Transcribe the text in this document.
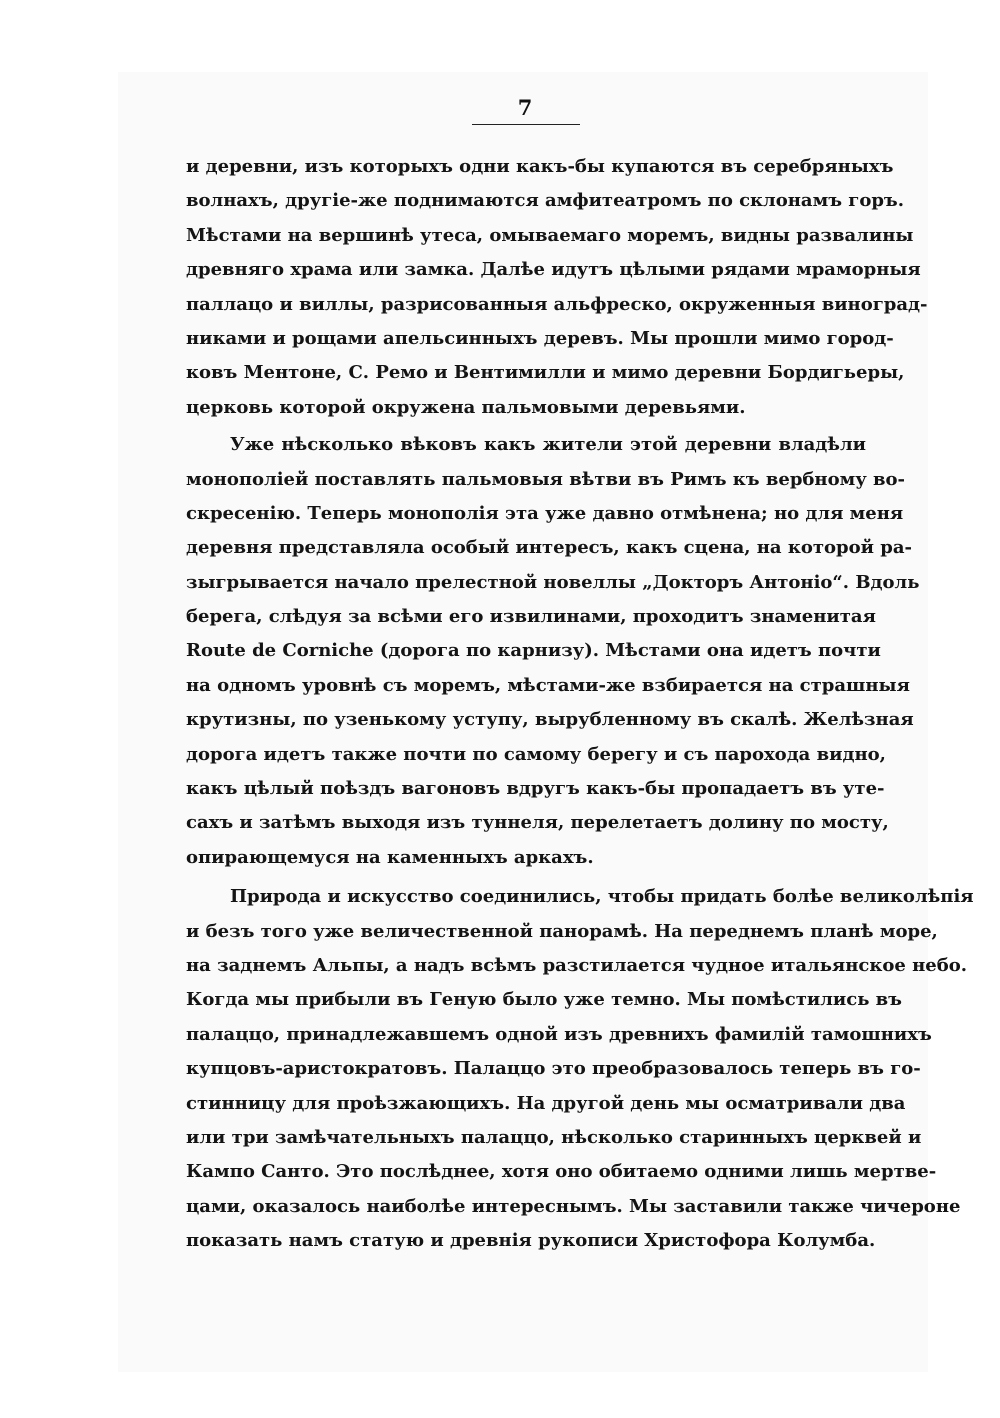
7
и деревни, изъ которыхъ одни какъ-бы купаются въ серебряныхъ
волнахъ, другіе-же поднимаются амфитеатромъ по склонамъ горъ.
Мѣстами на вершинѣ утеса, омываемаго моремъ, видны развалины
древняго храма или замка. Далѣе идутъ цѣлыми рядами мраморныя
паллацо и виллы, разрисованныя альфреско, окруженныя винoград-
никами и рощами апельсинныхъ деревъ. Мы прошли мимо город-
ковъ Ментоне, С. Ремо и Вентимилли и мимо деревни Бордигьеры,
церковь которой окружена пальмовыми деревьями.
Уже нѣсколько вѣковъ какъ жители этой деревни владѣли
монополіей поставлять пальмовыя вѣтви въ Римъ къ вербному во-
скресенію. Теперь монополія эта уже давно отмѣнена; но для меня
деревня представляла особый интересъ, какъ сцена, на которой ра-
зыгрывается начало прелестной новеллы „Докторъ Антоніо“. Вдоль
берега, слѣдуя за всѣми его извилинами, проходитъ знаменитая
Route de Corniche (дорога по карнизу). Мѣстами она идетъ почти
на одномъ уровнѣ съ моремъ, мѣстами-же взбирается на страшныя
крутизны, по узенькому уступу, вырубленному въ скалѣ. Желѣзная
дорога идетъ также почти по самому берегу и съ парохода видно,
какъ цѣлый поѣздъ вагоновъ вдругъ какъ-бы пропадаетъ въ уте-
сахъ и затѣмъ выходя изъ туннеля, перелетаетъ долину по мосту,
опирающемуся на каменныхъ аркахъ.
Природа и искусство соединились, чтобы придать болѣе великолѣпія
и безъ того уже величественной панoрамѣ. На переднемъ планѣ море,
на заднемъ Альпы, а надъ всѣмъ разстилается чудное итальянское небо.
Когда мы прибыли въ Геную было уже темно. Мы помѣстились въ
палаццо, принадлежавшемъ одной изъ древнихъ фамилій тамошнихъ
купцовъ-аристократовъ. Палаццо это преобразовалось теперь въ го-
стинницу для проѣзжающихъ. На другой день мы осматривали два
или три замѣчательныхъ палаццо, нѣсколько старинныхъ церквей и
Кампо Санто. Это послѣднее, хотя оно обитаемо одними лишь мертве-
цами, оказалось наиболѣе интереснымъ. Мы заставили также чичероне
показать намъ статую и древнія рукописи Христофора Колумба.
